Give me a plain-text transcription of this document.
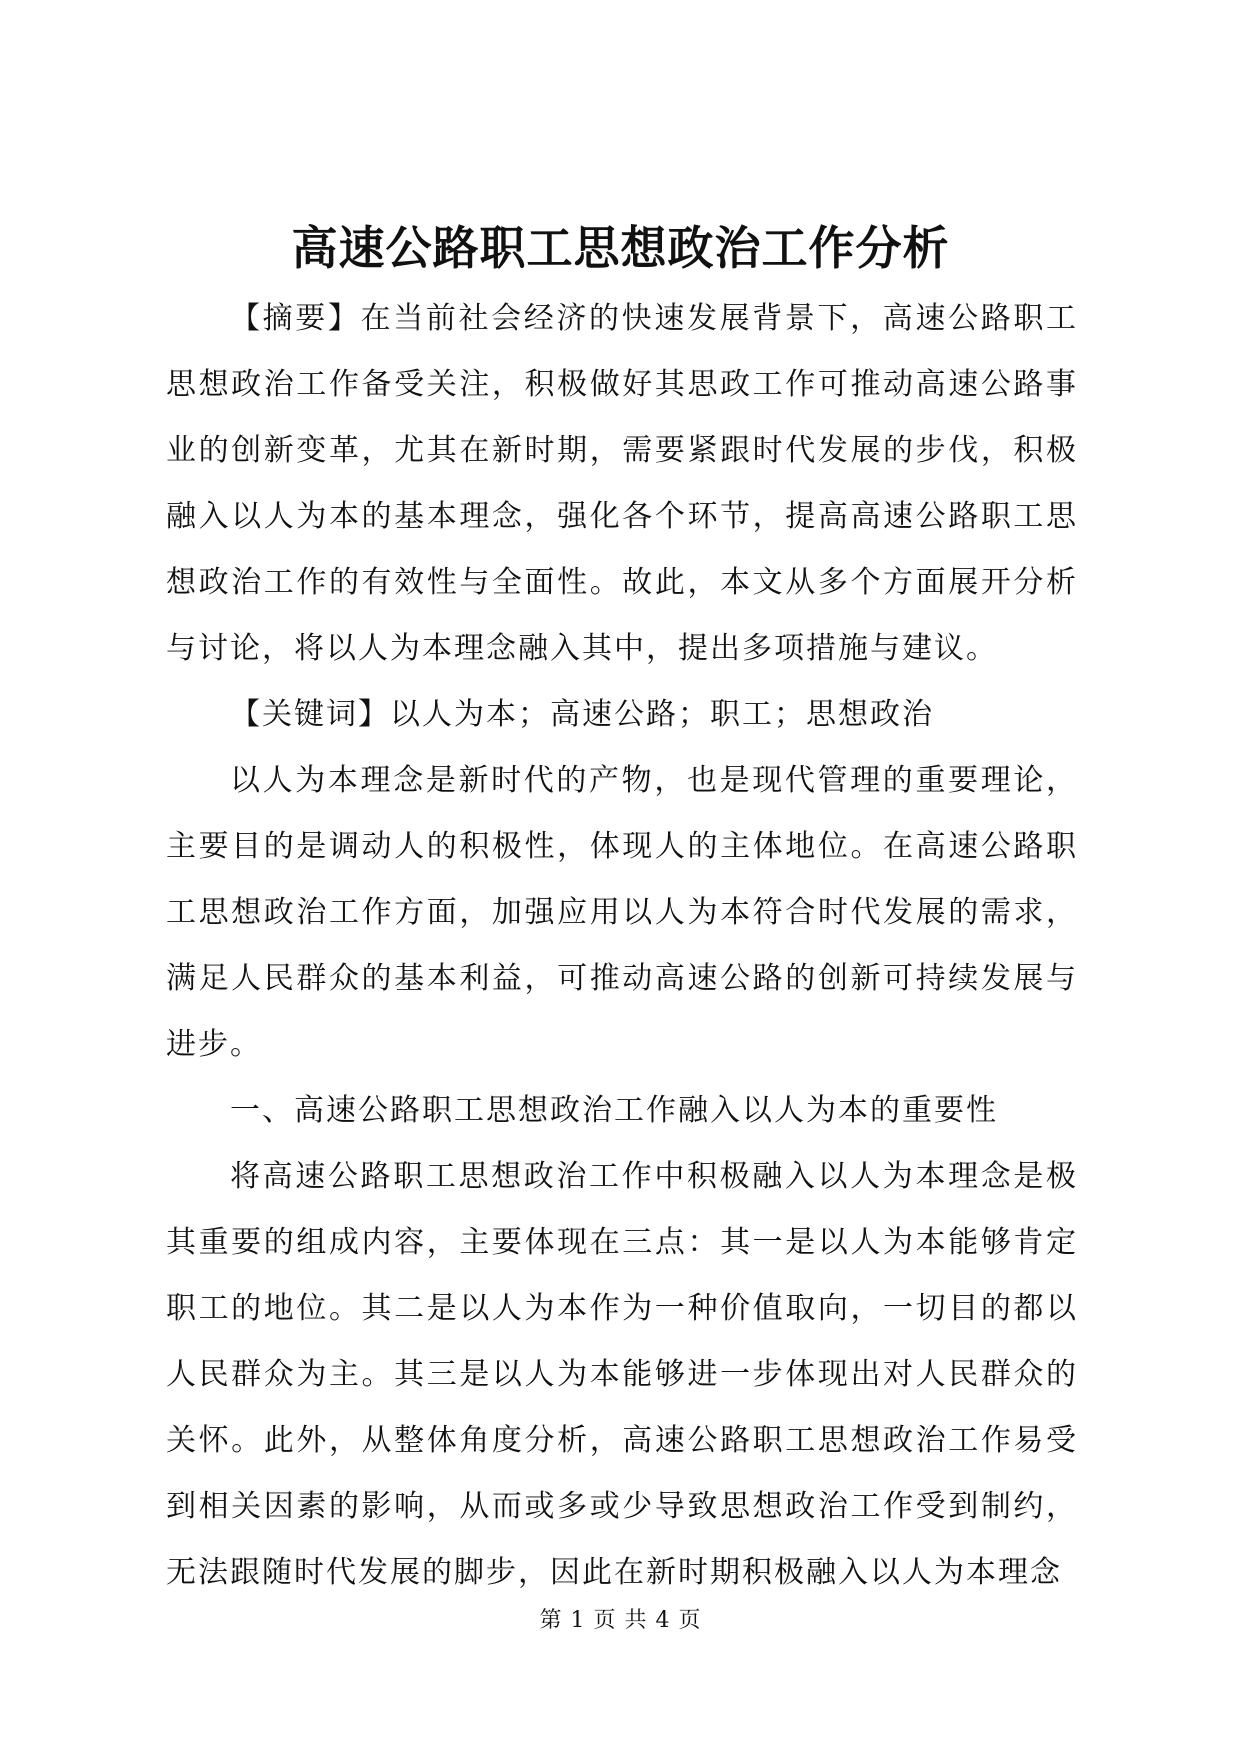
高速公路职工思想政治工作分析

【摘要】在当前社会经济的快速发展背景下，高速公路职工思想政治工作备受关注，积极做好其思政工作可推动高速公路事业的创新变革，尤其在新时期，需要紧跟时代发展的步伐，积极融入以人为本的基本理念，强化各个环节，提高高速公路职工思想政治工作的有效性与全面性。故此，本文从多个方面展开分析与讨论，将以人为本理念融入其中，提出多项措施与建议。

【关键词】以人为本；高速公路；职工；思想政治

以人为本理念是新时代的产物，也是现代管理的重要理论，主要目的是调动人的积极性，体现人的主体地位。在高速公路职工思想政治工作方面，加强应用以人为本符合时代发展的需求，满足人民群众的基本利益，可推动高速公路的创新可持续发展与进步。

一、高速公路职工思想政治工作融入以人为本的重要性

将高速公路职工思想政治工作中积极融入以人为本理念是极其重要的组成内容，主要体现在三点：其一是以人为本能够肯定职工的地位。其二是以人为本作为一种价值取向，一切目的都以人民群众为主。其三是以人为本能够进一步体现出对人民群众的关怀。此外，从整体角度分析，高速公路职工思想政治工作易受到相关因素的影响，从而或多或少导致思想政治工作受到制约，无法跟随时代发展的脚步，因此在新时期积极融入以人为本理念

第 1 页 共 4 页
